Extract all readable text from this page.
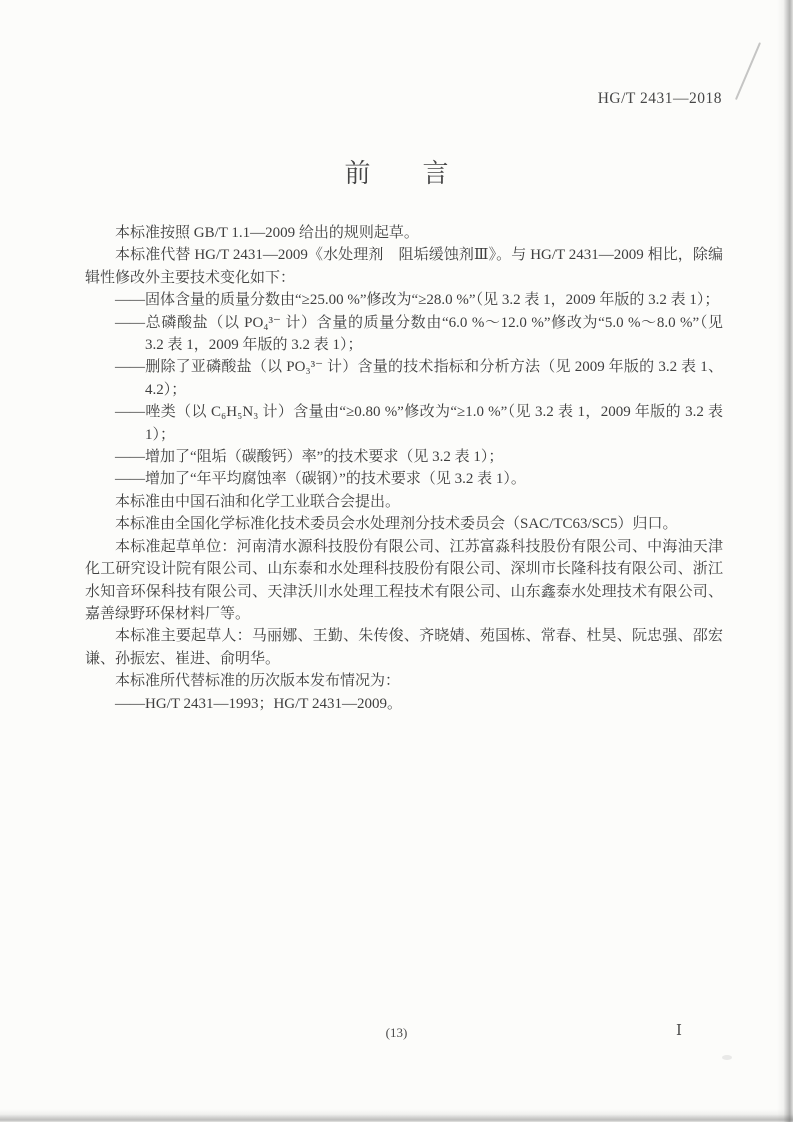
HG/T 2431—2018
前　　言

本标准按照 GB/T 1.1—2009 给出的规则起草。

本标准代替 HG/T 2431—2009《水处理剂　阻垢缓蚀剂Ⅲ》。与 HG/T 2431—2009 相比，除编辑性修改外主要技术变化如下：

——固体含量的质量分数由“≥25.00 %”修改为“≥28.0 %”（见 3.2 表 1，2009 年版的 3.2 表 1）；
——总磷酸盐（以 PO₄³⁻ 计）含量的质量分数由“6.0 %～12.0 %”修改为“5.0 %～8.0 %”（见 3.2 表 1，2009 年版的 3.2 表 1）；
——删除了亚磷酸盐（以 PO₃³⁻ 计）含量的技术指标和分析方法（见 2009 年版的 3.2 表 1、4.2）；
——唑类（以 C₆H₅N₃ 计）含量由“≥0.80 %”修改为“≥1.0 %”（见 3.2 表 1，2009 年版的 3.2 表 1）；
——增加了“阻垢（碳酸钙）率”的技术要求（见 3.2 表 1）；
——增加了“年平均腐蚀率（碳钢）”的技术要求（见 3.2 表 1）。

本标准由中国石油和化学工业联合会提出。

本标准由全国化学标准化技术委员会水处理剂分技术委员会（SAC/TC63/SC5）归口。

本标准起草单位：河南清水源科技股份有限公司、江苏富淼科技股份有限公司、中海油天津化工研究设计院有限公司、山东泰和水处理科技股份有限公司、深圳市长隆科技有限公司、浙江水知音环保科技有限公司、天津沃川水处理工程技术有限公司、山东鑫泰水处理技术有限公司、嘉善绿野环保材料厂等。

本标准主要起草人：马丽娜、王勤、朱传俊、齐晓婧、苑国栋、常春、杜昊、阮忠强、邵宏谦、孙振宏、崔进、俞明华。

本标准所代替标准的历次版本发布情况为：

——HG/T 2431—1993；HG/T 2431—2009。
(13)	Ⅰ
